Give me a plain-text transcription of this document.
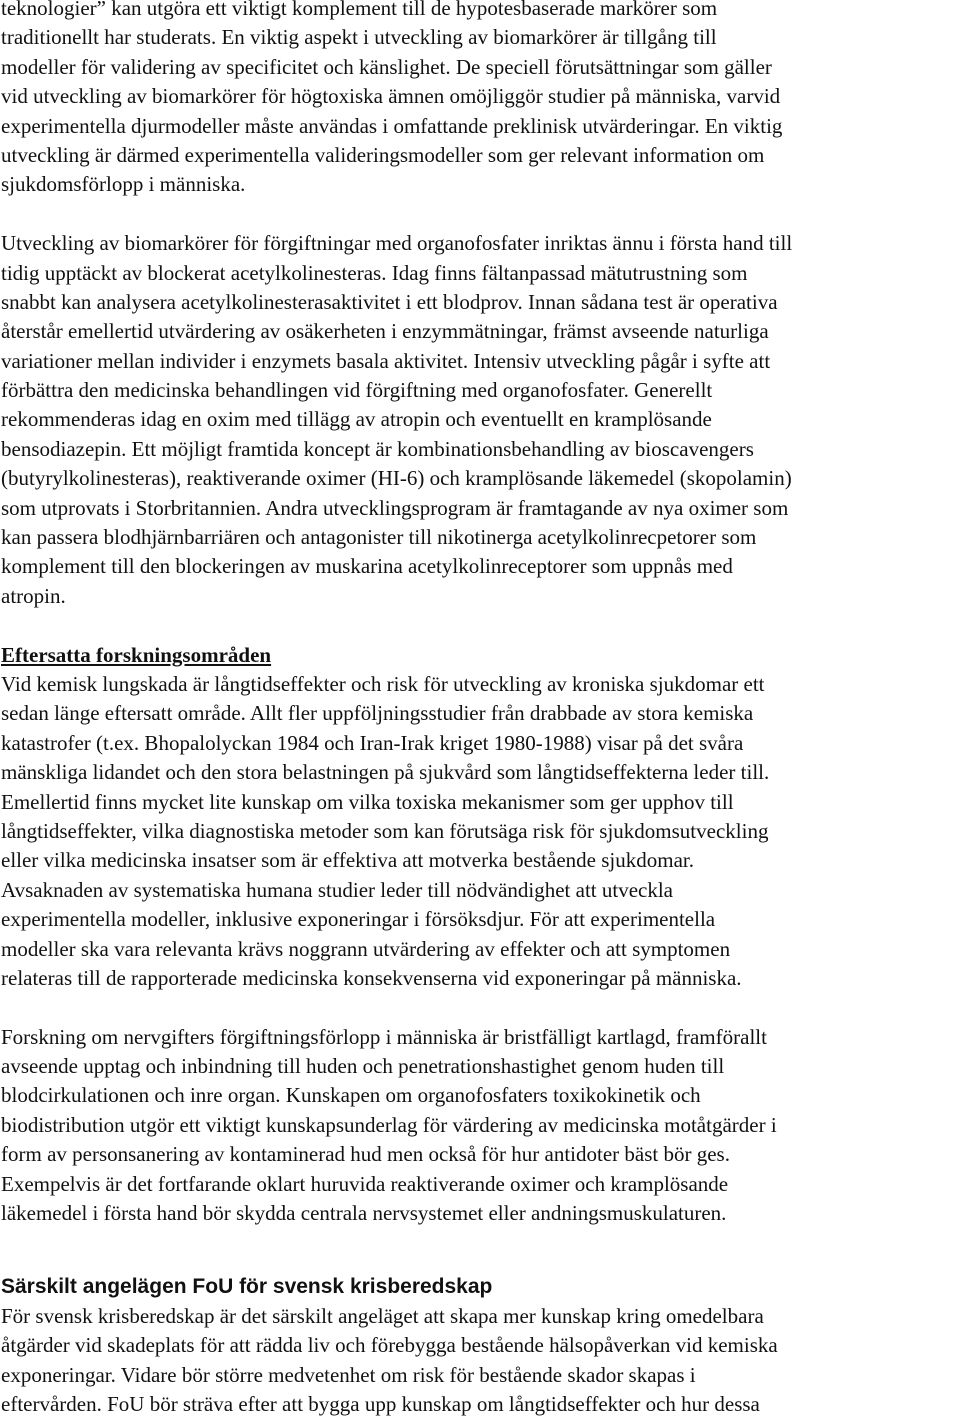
teknologier” kan utgöra ett viktigt komplement till de hypotesbaserade markörer som
traditionellt har studerats. En viktig aspekt i utveckling av biomarkörer är tillgång till
modeller för validering av specificitet och känslighet. De speciell förutsättningar som gäller
vid utveckling av biomarkörer för högtoxiska ämnen omöjliggör studier på människa, varvid
experimentella djurmodeller måste användas i omfattande preklinisk utvärderingar. En viktig
utveckling är därmed experimentella valideringsmodeller som ger relevant information om
sjukdomsförlopp i människa.
Utveckling av biomarkörer för förgiftningar med organofosfater inriktas ännu i första hand till
tidig upptäckt av blockerat acetylkolinesteras. Idag finns fältanpassad mätutrustning som
snabbt kan analysera acetylkolinesterasaktivitet i ett blodprov. Innan sådana test är operativa
återstår emellertid utvärdering av osäkerheten i enzymmätningar, främst avseende naturliga
variationer mellan individer i enzymets basala aktivitet. Intensiv utveckling pågår i syfte att
förbättra den medicinska behandlingen vid förgiftning med organofosfater. Generellt
rekommenderas idag en oxim med tillägg av atropin och eventuellt en kramplösande
bensodiazepin. Ett möjligt framtida koncept är kombinationsbehandling av bioscavengers
(butyrylkolinesteras), reaktiverande oximer (HI-6) och kramplösande läkemedel (skopolamin)
som utprovats i Storbritannien. Andra utvecklingsprogram är framtagande av nya oximer som
kan passera blodhjärnbarriären och antagonister till nikotinerga acetylkolinrecpetorer som
komplement till den blockeringen av muskarina acetylkolinreceptorer som uppnås med
atropin.
Eftersatta forskningsområden
Vid kemisk lungskada är långtidseffekter och risk för utveckling av kroniska sjukdomar ett
sedan länge eftersatt område. Allt fler uppföljningsstudier från drabbade av stora kemiska
katastrofer (t.ex. Bhopalolyckan 1984 och Iran-Irak kriget 1980-1988) visar på det svåra
mänskliga lidandet och den stora belastningen på sjukvård som långtidseffekterna leder till.
Emellertid finns mycket lite kunskap om vilka toxiska mekanismer som ger upphov till
långtidseffekter, vilka diagnostiska metoder som kan förutsäga risk för sjukdomsutveckling
eller vilka medicinska insatser som är effektiva att motverka bestående sjukdomar.
Avsaknaden av systematiska humana studier leder till nödvändighet att utveckla
experimentella modeller, inklusive exponeringar i försöksdjur. För att experimentella
modeller ska vara relevanta krävs noggrann utvärdering av effekter och att symptomen
relateras till de rapporterade medicinska konsekvenserna vid exponeringar på människa.
Forskning om nervgifters förgiftningsförlopp i människa är bristfälligt kartlagd, framförallt
avseende upptag och inbindning till huden och penetrationshastighet genom huden till
blodcirkulationen och inre organ. Kunskapen om organofosfaters toxikokinetik och
biodistribution utgör ett viktigt kunskapsunderlag för värdering av medicinska motåtgärder i
form av personsanering av kontaminerad hud men också för hur antidoter bäst bör ges.
Exempelvis är det fortfarande oklart huruvida reaktiverande oximer och kramplösande
läkemedel i första hand bör skydda centrala nervsystemet eller andningsmuskulaturen.
Särskilt angelägen FoU för svensk krisberedskap
För svensk krisberedskap är det särskilt angeläget att skapa mer kunskap kring omedelbara
åtgärder vid skadeplats för att rädda liv och förebygga bestående hälsopåverkan vid kemiska
exponeringar. Vidare bör större medvetenhet om risk för bestående skador skapas i
eftervården. FoU bör sträva efter att bygga upp kunskap om långtidseffekter och hur dessa
